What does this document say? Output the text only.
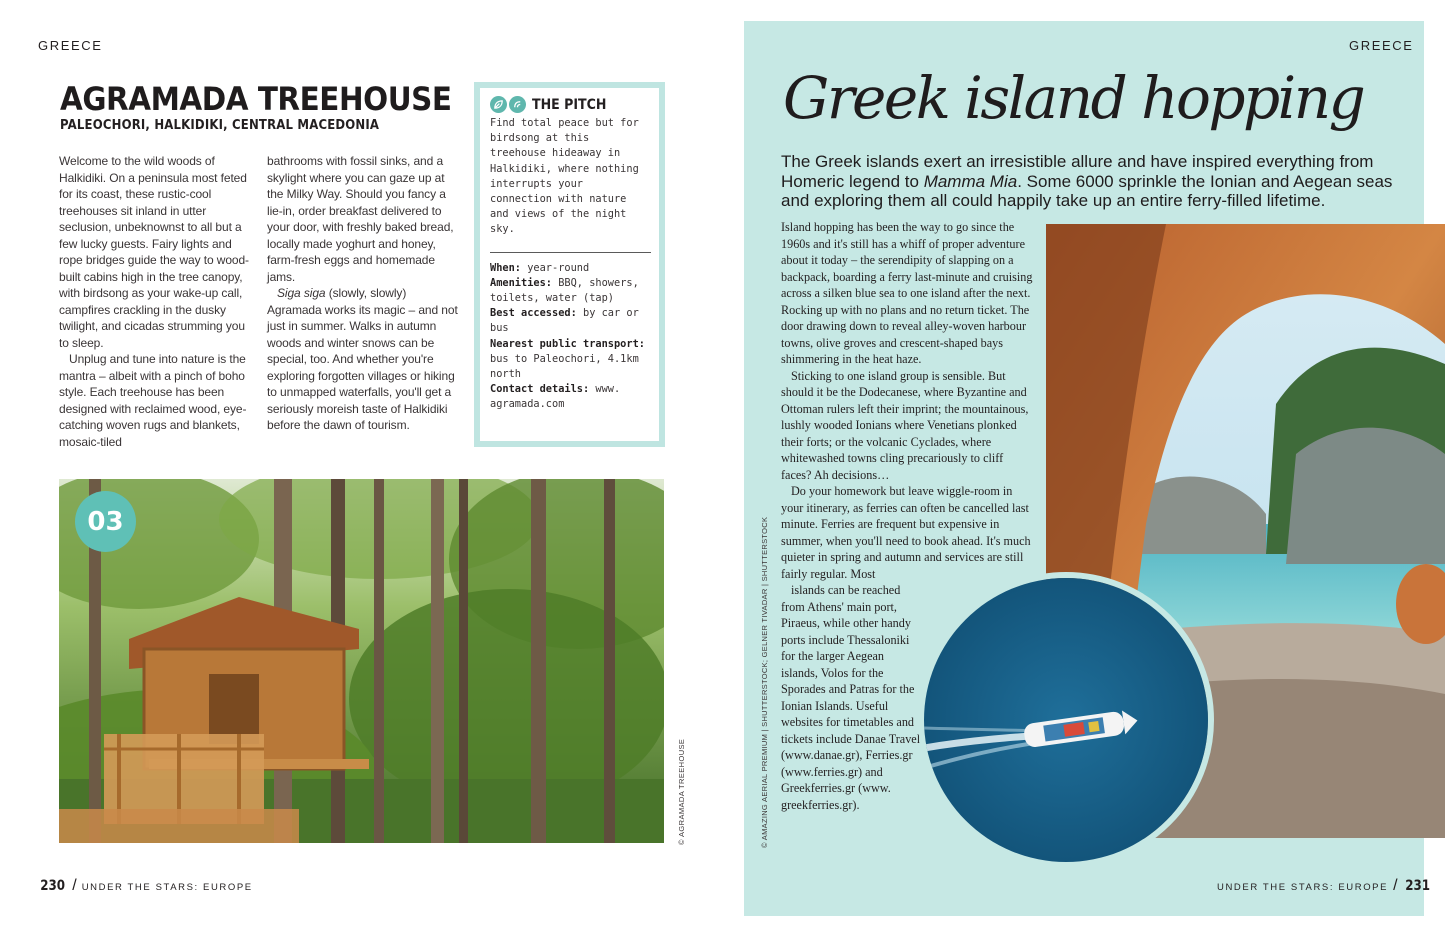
GREECE
AGRAMADA TREEHOUSE
PALEOCHORI, HALKIDIKI, CENTRAL MACEDONIA

Welcome to the wild woods of Halkidiki. On a peninsula most feted for its coast, these rustic-cool treehouses sit inland in utter seclusion, unbeknownst to all but a few lucky guests. Fairy lights and rope bridges guide the way to wood-built cabins high in the tree canopy, with birdsong as your wake-up call, campfires crackling in the dusky twilight, and cicadas strumming you to sleep.

Unplug and tune into nature is the mantra – albeit with a pinch of boho style. Each treehouse has been designed with reclaimed wood, eye-catching woven rugs and blankets, mosaic-tiled

bathrooms with fossil sinks, and a skylight where you can gaze up at the Milky Way. Should you fancy a lie-in, order breakfast delivered to your door, with freshly baked bread, locally made yoghurt and honey, farm-fresh eggs and homemade jams.

Siga siga (slowly, slowly) Agramada works its magic – and not just in summer. Walks in autumn woods and winter snows can be special, too. And whether you're exploring forgotten villages or hiking to unmapped waterfalls, you'll get a seriously moreish taste of Halkidiki before the dawn of tourism.

THE PITCH
Find total peace but for birdsong at this treehouse hideaway in Halkidiki, where nothing interrupts your connection with nature and views of the night sky.
When: year-round
Amenities: BBQ, showers, toilets, water (tap)
Best accessed: by car or bus
Nearest public transport: bus to Paleochori, 4.1km north
Contact details: www. agramada.com
03
© AGRAMADA TREEHOUSE
230 / UNDER THE STARS: EUROPE
GREECE
Greek island hopping
The Greek islands exert an irresistible allure and have inspired everything from Homeric legend to Mamma Mia. Some 6000 sprinkle the Ionian and Aegean seas and exploring them all could happily take up an entire ferry-filled lifetime.

Island hopping has been the way to go since the 1960s and it's still has a whiff of proper adventure about it today – the serendipity of slapping on a backpack, boarding a ferry last-minute and cruising across a silken blue sea to one island after the next. Rocking up with no plans and no return ticket. The door drawing down to reveal alley-woven harbour towns, olive groves and crescent-shaped bays shimmering in the heat haze.

Sticking to one island group is sensible. But should it be the Dodecanese, where Byzantine and Ottoman rulers left their imprint; the mountainous, lushly wooded Ionians where Venetians plonked their forts; or the volcanic Cyclades, where whitewashed towns cling precariously to cliff faces? Ah decisions…

Do your homework but leave wiggle-room in your itinerary, as ferries can often be cancelled last minute. Ferries are frequent but expensive in summer, when you'll need to book ahead. It's much quieter in spring and autumn and services are still fairly regular. Most
islands can be reached from Athens' main port, Piraeus, while other handy ports include Thessaloniki for the larger Aegean islands, Volos for the Sporades and Patras for the Ionian Islands. Useful websites for timetables and tickets include Danae Travel (www.danae.gr), Ferries.gr (www.ferries.gr) and Greekferries.gr (www. greekferries.gr).

© AMAZING AERIAL PREMIUM | SHUTTERSTOCK; GELNER TIVADAR | SHUTTERSTOCK
UNDER THE STARS: EUROPE / 231
